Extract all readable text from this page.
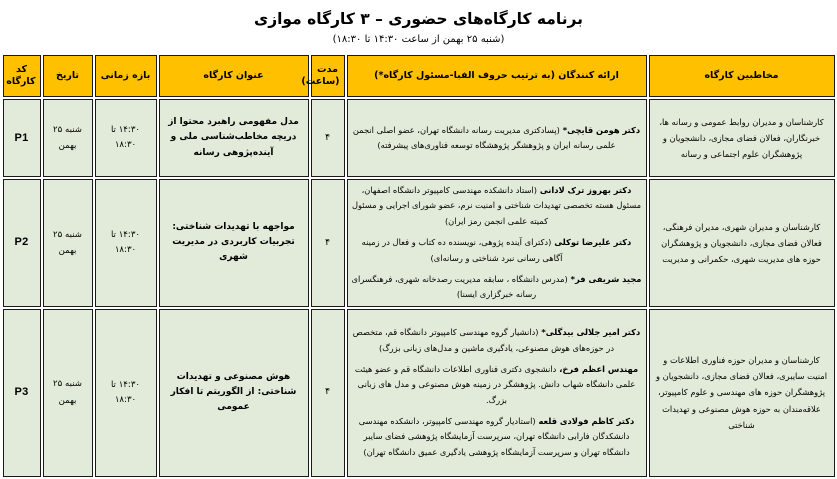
برنامه کارگاه‌های حضوری – ۳ کارگاه موازی
(شنبه ۲۵ بهمن از ساعت ۱۴:۳۰ تا ۱۸:۳۰)
مخاطبین کارگاه	ارائه کنندگان (به ترتیب حروف الفبا-مسئول کارگاه*)	مدت (ساعت)	عنوان کارگاه	بازه زمانی	تاریخ	کد کارگاه
کارشناسان و مدیران روابط عمومی و رسانه ها، خبرنگاران، فعالان فضای مجازی، دانشجویان و پژوهشگران علوم اجتماعی و رسانه	دکتر هومن قایچی* (پسادکتری مدیریت رسانه دانشگاه تهران، عضو اصلی انجمن علمی رسانه ایران و پژوهشگر پژوهشگاه توسعه فناوری‌های پیشرفته)	۴	مدل مفهومی راهبرد محتوا از دریچه مخاطب‌شناسی ملی و آینده‌پژوهی رسانه	۱۴:۳۰ تا ۱۸:۳۰	شنبه ۲۵ بهمن	P1
کارشناسان و مدیران شهری، مدیران فرهنگی، فعالان فضای مجازی، دانشجویان و پژوهشگران حوزه های مدیریت شهری، حکمرانی و مدیریت	دکتر بهروز ترک لادانی (استاد دانشکده مهندسی کامپیوتر دانشگاه اصفهان، مسئول هسته تخصصی تهدیدات شناختی و امنیت نرم، عضو شورای اجرایی و مسئول کمیته علمی انجمن رمز ایران)

دکتر علیرضا توکلی (دکترای آینده پژوهی، نویسنده ده کتاب و فعال در زمینه آگاهی رسانی نبرد شناختی و رسانه‌ای)

مجید شریفی فر* (مدرس دانشگاه ، سابقه مدیریت رصدخانه شهری، فرهنگسرای رسانه خبرگزاری ایسنا)	۴	مواجهه با تهدیدات شناختی: تجربیات کاربردی در مدیریت شهری	۱۴:۳۰ تا ۱۸:۳۰	شنبه ۲۵ بهمن	P2
کارشناسان و مدیران حوزه فناوری اطلاعات و امنیت سایبری، فعالان فضای مجازی، دانشجویان و پژوهشگران حوزه های مهندسی و علوم کامپیوتر، علاقه‌مندان به حوزه هوش مصنوعی و تهدیدات شناختی	دکتر امیر جلالی بیدگلی* (دانشیار گروه مهندسی کامپیوتر دانشگاه قم، متخصص در حوزه‌های هوش مصنوعی، یادگیری ماشین و مدل‌های زبانی بزرگ)

مهندس اعظم فرخ، دانشجوی دکتری فناوری اطلاعات دانشگاه قم و عضو هیئت علمی دانشگاه شهاب دانش. پژوهشگر در زمینه هوش مصنوعی و مدل های زبانی بزرگ.

دکتر کاظم فولادی قلعه (استادیار گروه مهندسی کامپیوتر، دانشکده مهندسی دانشکدگان فارابی دانشگاه تهران، سرپرست آزمایشگاه پژوهشی فضای سایبر دانشگاه تهران و سرپرست آزمایشگاه پژوهشی یادگیری عمیق دانشگاه تهران)	۴	هوش مصنوعی و تهدیدات شناختی: از الگوریتم تا افکار عمومی	۱۴:۳۰ تا ۱۸:۳۰	شنبه ۲۵ بهمن	P3
